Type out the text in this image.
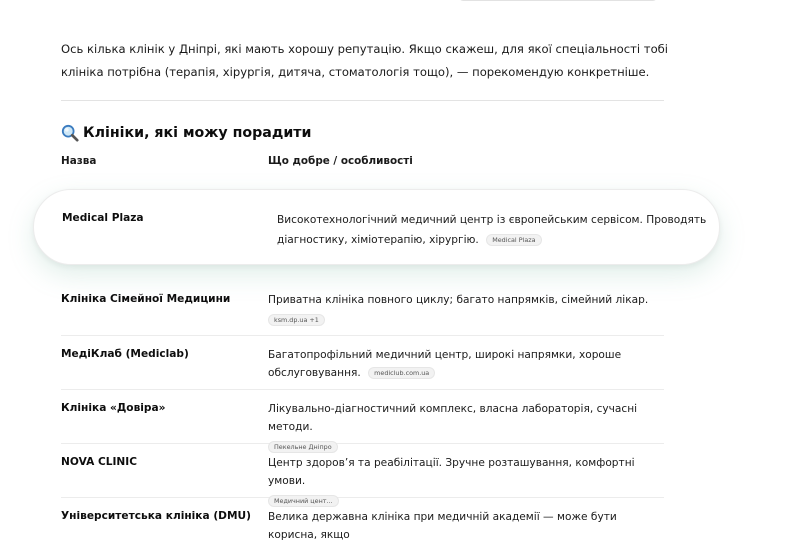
Ось кілька клінік у Дніпрі, які мають хорошу репутацію. Якщо скажеш, для якої спеціальності тобі клініка потрібна (терапія, хірургія, дитяча, стоматологія тощо), — порекомендую конкретніше.

Клініки, які можу порадити
Назва	Що добре / особливості
Medical Plaza	Високотехнологічний медичний центр із європейським сервісом. Проводять діагностику, хіміотерапію, хірургію. Medical Plaza
Клініка Сімейної Медицини	Приватна клініка повного циклу; багато напрямків, сімейний лікар.
ksm.dp.ua +1
МедіКлаб (Mediclab)	Багатопрофільний медичний центр, широкі напрямки, хороше обслуговування. mediclub.com.ua
Клініка «Довіра»	Лікувально-діагностичний комплекс, власна лабораторія, сучасні методи.
Пекельне Дніпро
NOVA CLINIC	Центр здоров’я та реабілітації. Зручне розташування, комфортні умови.
Медичний цент...
Університетська клініка (DMU) Велика державна клініка при медичній академії — може бути корисна, якщо
